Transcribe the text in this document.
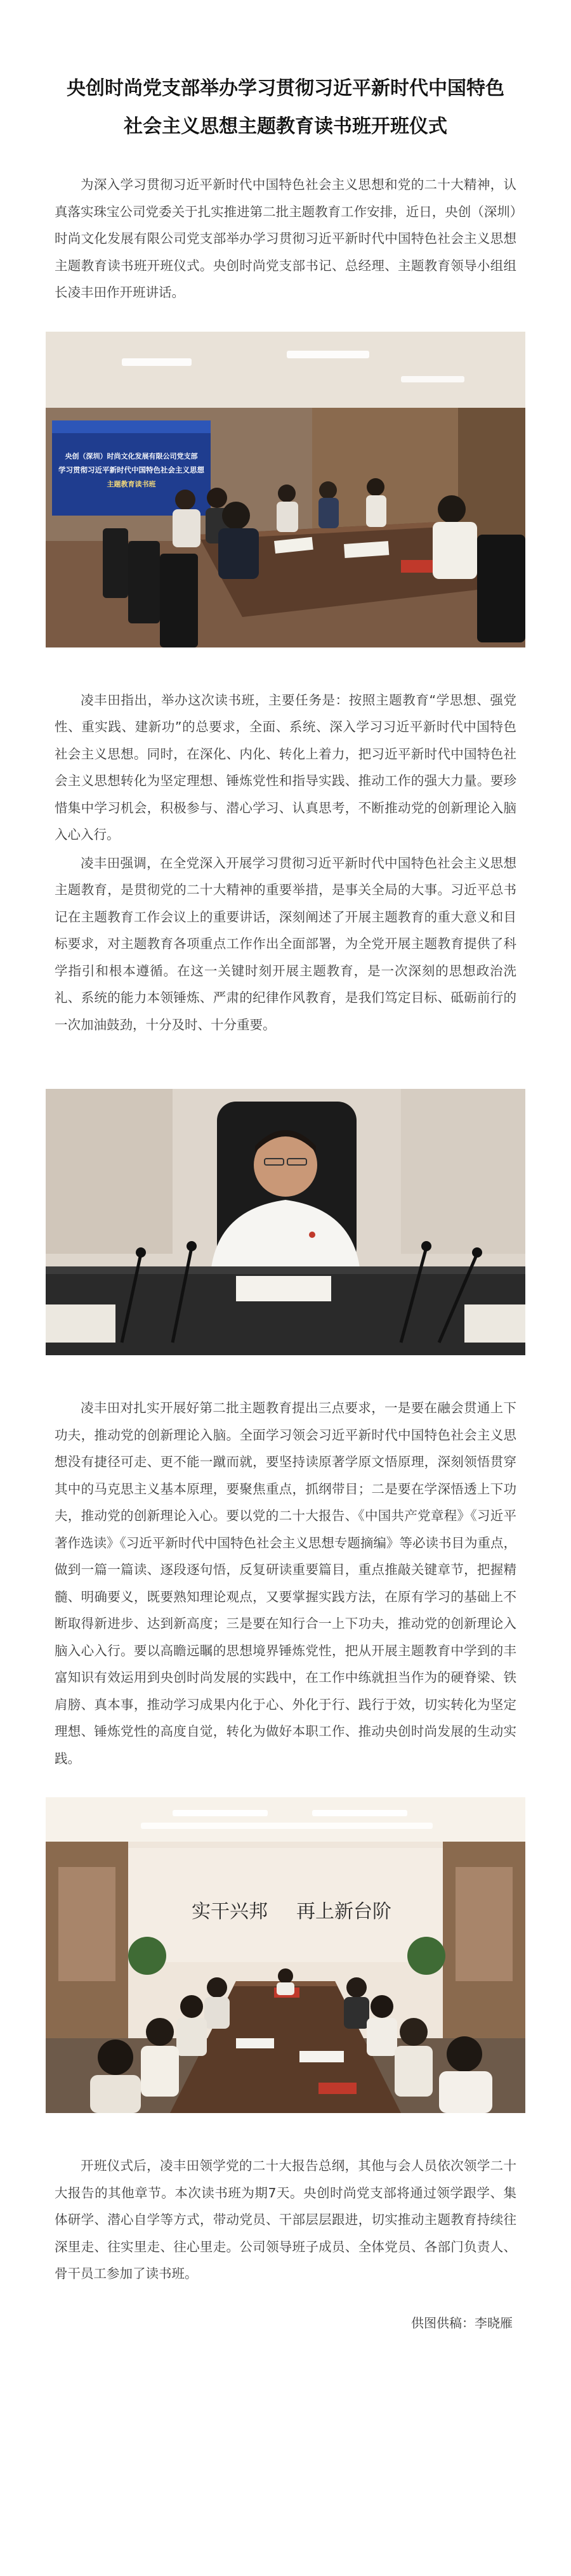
央创时尚党支部举办学习贯彻习近平新时代中国特色
社会主义思想主题教育读书班开班仪式

为深入学习贯彻习近平新时代中国特色社会主义思想和党的二十大精神，认真落实珠宝公司党委关于扎实推进第二批主题教育工作安排，近日，央创（深圳）时尚文化发展有限公司党支部举办学习贯彻习近平新时代中国特色社会主义思想主题教育读书班开班仪式。央创时尚党支部书记、总经理、主题教育领导小组组长凌丰田作开班讲话。

央创（深圳）时尚文化发展有限公司党支部
学习贯彻习近平新时代中国特色社会主义思想
主题教育读书班

凌丰田指出，举办这次读书班，主要任务是：按照主题教育“学思想、强党性、重实践、建新功”的总要求，全面、系统、深入学习习近平新时代中国特色社会主义思想。同时，在深化、内化、转化上着力，把习近平新时代中国特色社会主义思想转化为坚定理想、锤炼党性和指导实践、推动工作的强大力量。要珍惜集中学习机会，积极参与、潜心学习、认真思考，不断推动党的创新理论入脑入心入行。

凌丰田强调，在全党深入开展学习贯彻习近平新时代中国特色社会主义思想主题教育，是贯彻党的二十大精神的重要举措，是事关全局的大事。习近平总书记在主题教育工作会议上的重要讲话，深刻阐述了开展主题教育的重大意义和目标要求，对主题教育各项重点工作作出全面部署，为全党开展主题教育提供了科学指引和根本遵循。在这一关键时刻开展主题教育，是一次深刻的思想政治洗礼、系统的能力本领锤炼、严肃的纪律作风教育，是我们笃定目标、砥砺前行的一次加油鼓劲，十分及时、十分重要。

凌丰田对扎实开展好第二批主题教育提出三点要求，一是要在融会贯通上下功夫，推动党的创新理论入脑。全面学习领会习近平新时代中国特色社会主义思想没有捷径可走、更不能一蹴而就，要坚持读原著学原文悟原理，深刻领悟贯穿其中的马克思主义基本原理，要聚焦重点，抓纲带目；二是要在学深悟透上下功夫，推动党的创新理论入心。要以党的二十大报告、《中国共产党章程》《习近平著作选读》《习近平新时代中国特色社会主义思想专题摘编》等必读书目为重点，做到一篇一篇读、逐段逐句悟，反复研读重要篇目，重点推敲关键章节，把握精髓、明确要义，既要熟知理论观点，又要掌握实践方法，在原有学习的基础上不断取得新进步、达到新高度；三是要在知行合一上下功夫，推动党的创新理论入脑入心入行。要以高瞻远瞩的思想境界锤炼党性，把从开展主题教育中学到的丰富知识有效运用到央创时尚发展的实践中，在工作中练就担当作为的硬脊梁、铁肩膀、真本事，推动学习成果内化于心、外化于行、践行于效，切实转化为坚定理想、锤炼党性的高度自觉，转化为做好本职工作、推动央创时尚发展的生动实践。

实干兴邦 再上新台阶

开班仪式后，凌丰田领学党的二十大报告总纲，其他与会人员依次领学二十大报告的其他章节。本次读书班为期7天。央创时尚党支部将通过领学跟学、集体研学、潜心自学等方式，带动党员、干部层层跟进，切实推动主题教育持续往深里走、往实里走、往心里走。公司领导班子成员、全体党员、各部门负责人、骨干员工参加了读书班。

供图供稿：李晓雁
